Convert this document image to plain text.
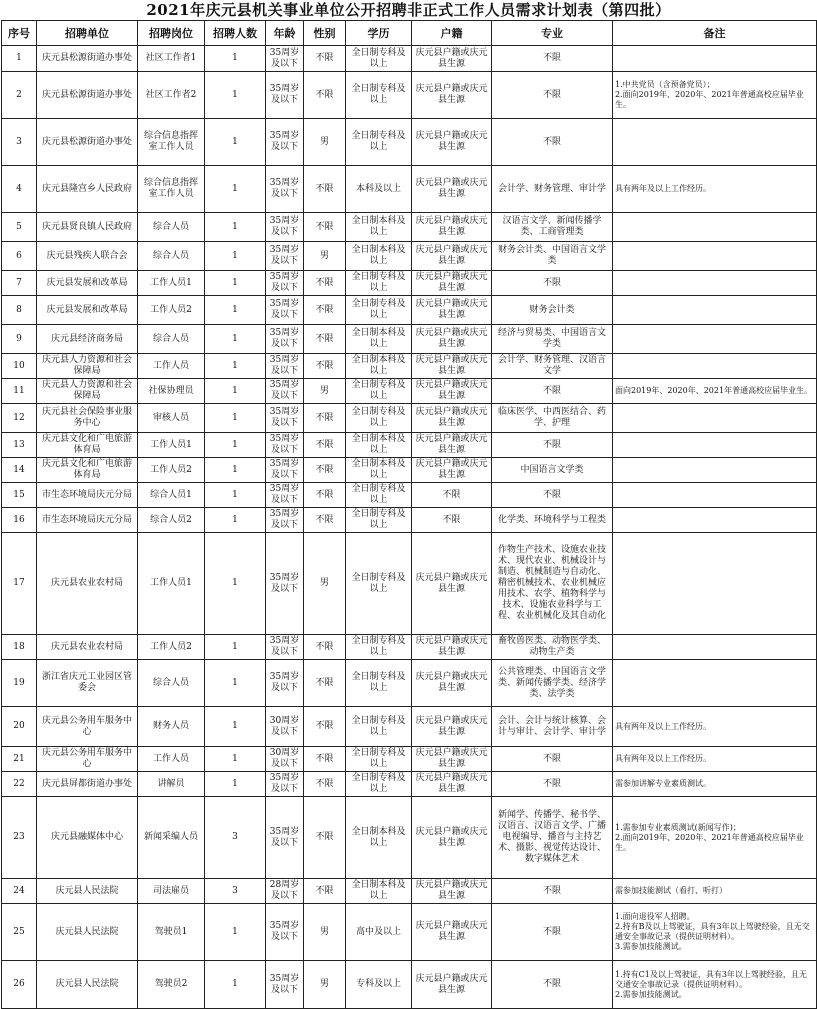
2021年庆元县机关事业单位公开招聘非正式工作人员需求计划表（第四批）
序号	招聘单位	招聘岗位	招聘人数	年龄	性别	学历	户籍	专业	备注
1	庆元县松源街道办事处	社区工作者1	1	35周岁及以下	不限	全日制专科及以上	庆元县户籍或庆元县生源	不限	
2	庆元县松源街道办事处	社区工作者2	1	35周岁及以下	不限	全日制专科及以上	庆元县户籍或庆元县生源	不限	1.中共党员（含预备党员）；
2.面向2019年、2020年、2021年普通高校应届毕业生。
3	庆元县松源街道办事处	综合信息指挥室工作人员	1	35周岁及以下	男	全日制专科及以上	庆元县户籍或庆元县生源	不限	
4	庆元县隆宫乡人民政府	综合信息指挥室工作人员	1	35周岁及以下	不限	本科及以上	庆元县户籍或庆元县生源	会计学、财务管理、审计学	具有两年及以上工作经历。
5	庆元县贤良镇人民政府	综合人员	1	35周岁及以下	不限	全日制本科及以上	庆元县户籍或庆元县生源	汉语言文学、新闻传播学类、工商管理类	
6	庆元县残疾人联合会	综合人员	1	35周岁及以下	男	全日制本科及以上	庆元县户籍或庆元县生源	财务会计类、中国语言文学类	
7	庆元县发展和改革局	工作人员1	1	35周岁及以下	不限	全日制专科及以上	庆元县户籍或庆元县生源	不限	
8	庆元县发展和改革局	工作人员2	1	35周岁及以下	不限	全日制专科及以上	庆元县户籍或庆元县生源	财务会计类	
9	庆元县经济商务局	综合人员	1	35周岁及以下	不限	全日制本科及以上	庆元县户籍或庆元县生源	经济与贸易类、中国语言文学类	
10	庆元县人力资源和社会保障局	工作人员	1	35周岁及以下	不限	全日制本科及以上	庆元县户籍或庆元县生源	会计学、财务管理、汉语言文学	
11	庆元县人力资源和社会保障局	社保协理员	1	35周岁及以下	男	全日制专科及以上	庆元县户籍或庆元县生源	不限	面向2019年、2020年、2021年普通高校应届毕业生。
12	庆元县社会保险事业服务中心	审核人员	1	35周岁及以下	不限	全日制专科及以上	庆元县户籍或庆元县生源	临床医学、中西医结合、药学、护理	
13	庆元县文化和广电旅游体育局	工作人员1	1	35周岁及以下	不限	全日制本科及以上	庆元县户籍或庆元县生源	不限	
14	庆元县文化和广电旅游体育局	工作人员2	1	35周岁及以下	不限	全日制本科及以上	庆元县户籍或庆元县生源	中国语言文学类	
15	市生态环境局庆元分局	综合人员1	1	35周岁及以下	不限	全日制专科及以上	不限	不限	
16	市生态环境局庆元分局	综合人员2	1	35周岁及以下	不限	全日制专科及以上	不限	化学类、环境科学与工程类	
17	庆元县农业农村局	工作人员1	1	35周岁及以下	男	全日制专科及以上	庆元县户籍或庆元县生源	作物生产技术、设施农业技术、现代农业、机械设计与制造、机械制造与自动化、精密机械技术、农业机械应用技术、农学、植物科学与技术、设施农业科学与工程、农业机械化及其自动化	
18	庆元县农业农村局	工作人员2	1	35周岁及以下	不限	全日制专科及以上	庆元县户籍或庆元县生源	畜牧兽医类、动物医学类、动物生产类	
19	浙江省庆元工业园区管委会	综合人员	1	35周岁及以下	不限	全日制专科及以上	庆元县户籍或庆元县生源	公共管理类、中国语言文学类、新闻传播学类、经济学类、法学类	
20	庆元县公务用车服务中心	财务人员	1	30周岁及以下	不限	全日制专科及以上	庆元县户籍或庆元县生源	会计、会计与统计核算、会计与审计、会计学、审计学	具有两年及以上工作经历。
21	庆元县公务用车服务中心	工作人员	1	30周岁及以下	不限	全日制专科及以上	庆元县户籍或庆元县生源	不限	具有两年及以上工作经历。
22	庆元县屏都街道办事处	讲解员	1	35周岁及以下	不限	全日制专科及以上	庆元县户籍或庆元县生源	不限	需参加讲解专业素质测试。
23	庆元县融媒体中心	新闻采编人员	3	35周岁及以下	不限	全日制本科及以上	庆元县户籍或庆元县生源	新闻学、传播学、秘书学、汉语言、汉语言文学、广播电视编导、播音与主持艺术、摄影、视觉传达设计、数字媒体艺术	1.需参加专业素质测试(新闻写作)；
2.面向2019年、2020年、2021年普通高校应届毕业生。
24	庆元县人民法院	司法雇员	3	28周岁及以下	不限	全日制本科及以上	庆元县户籍或庆元县生源	不限	需参加技能测试（看打、听打）
25	庆元县人民法院	驾驶员1	1	35周岁及以下	男	高中及以上	庆元县户籍或庆元县生源	不限	1.面向退役军人招聘。
2.持有B及以上驾驶证，具有3年以上驾驶经验，且无交通安全事故记录（提供证明材料）。
3.需参加技能测试。
26	庆元县人民法院	驾驶员2	1	35周岁及以下	男	专科及以上	庆元县户籍或庆元县生源	不限	1.持有C1及以上驾驶证，具有3年以上驾驶经验，且无交通安全事故记录（提供证明材料）。
2.需参加技能测试。
